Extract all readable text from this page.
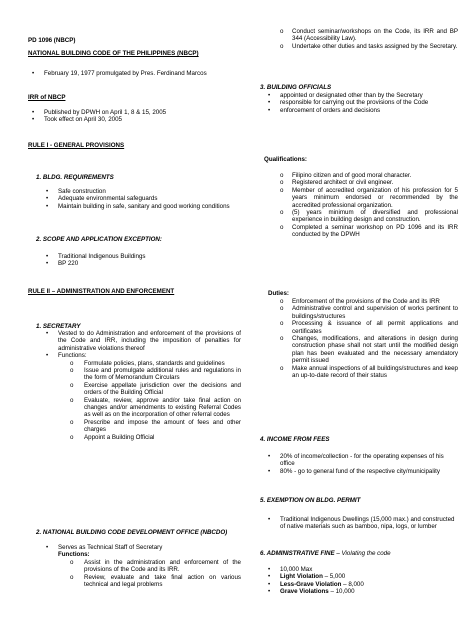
PD 1096 (NBCP)
NATIONAL BUILDING CODE OF THE PHILIPPINES (NBCP)
•	February 19, 1977 promulgated by Pres. Ferdinand Marcos
IRR of NBCP
•	Published by DPWH on April 1, 8 & 15, 2005
•	Took effect on April 30, 2005
RULE I - GENERAL PROVISIONS
1. BLDG. REQUIREMENTS
•	Safe construction
•	Adequate environmental safeguards
•	Maintain building in safe, sanitary and good working conditions
2. SCOPE AND APPLICATION EXCEPTION:
•	Traditional Indigenous Buildings
•	BP 220
RULE II – ADMINISTRATION AND ENFORCEMENT
1. SECRETARY
•	Vested to do Administration and enforcement of the provisions of the Code and IRR, including the imposition of penalties for administrative violations thereof
•	Functions:
o	Formulate policies, plans, standards and guidelines
o	Issue and promulgate additional rules and regulations in the form of Memorandum Circulars
o	Exercise appellate jurisdiction over the decisions and orders of the Building Official
o	Evaluate, review, approve and/or take final action on changes and/or amendments to existing Referral Codes as well as on the incorporation of other referral codes
o	Prescribe and impose the amount of fees and other charges
o	Appoint a Building Official
2. NATIONAL BUILDING CODE DEVELOPMENT OFFICE (NBCDO)
•	Serves as Technical Staff of Secretary
Functions:
o	Assist in the administration and enforcement of the provisions of the Code and its IRR.
o	Review, evaluate and take final action on various technical and legal problems
o	Conduct seminar/workshops on the Code, its IRR and BP 344 (Accessibility Law).
o	Undertake other duties and tasks assigned by the Secretary.
3. BUILDING OFFICIALS
•	appointed or designated other than by the Secretary
•	responsible for carrying out the provisions of the Code
•	enforcement of orders and decisions
Qualifications:
o	Filipino citizen and of good moral character.
o	Registered architect or civil engineer.
o	Member of accredited organization of his profession for 5 years minimum endorsed or recommended by the accredited professional organization.
o	(5) years minimum of diversified and professional experience in building design and construction.
o	Completed a seminar workshop on PD 1096 and its IRR conducted by the DPWH
Duties:
o	Enforcement of the provisions of the Code and its IRR
o	Administrative control and supervision of works pertinent to buildings/structures
o	Processing & issuance of all permit applications and certificates
o	Changes, modifications, and alterations in design during construction phase shall not start until the modified design plan has been evaluated and the necessary amendatory permit issued
o	Make annual inspections of all buildings/structures and keep an up-to-date record of their status
4. INCOME FROM FEES
•	20% of income/collection - for the operating expenses of his office
•	80% - go to general fund of the respective city/municipality
5. EXEMPTION ON BLDG. PERMIT
•	Traditional Indigenous Dwellings (15,000 max.) and constructed of native materials such as bamboo, nipa, logs, or lumber
6. ADMINISTRATIVE FINE – Violating the code
•	10,000 Max
•	Light Violation – 5,000
•	Less-Grave Violation – 8,000
•	Grave Violations – 10,000
